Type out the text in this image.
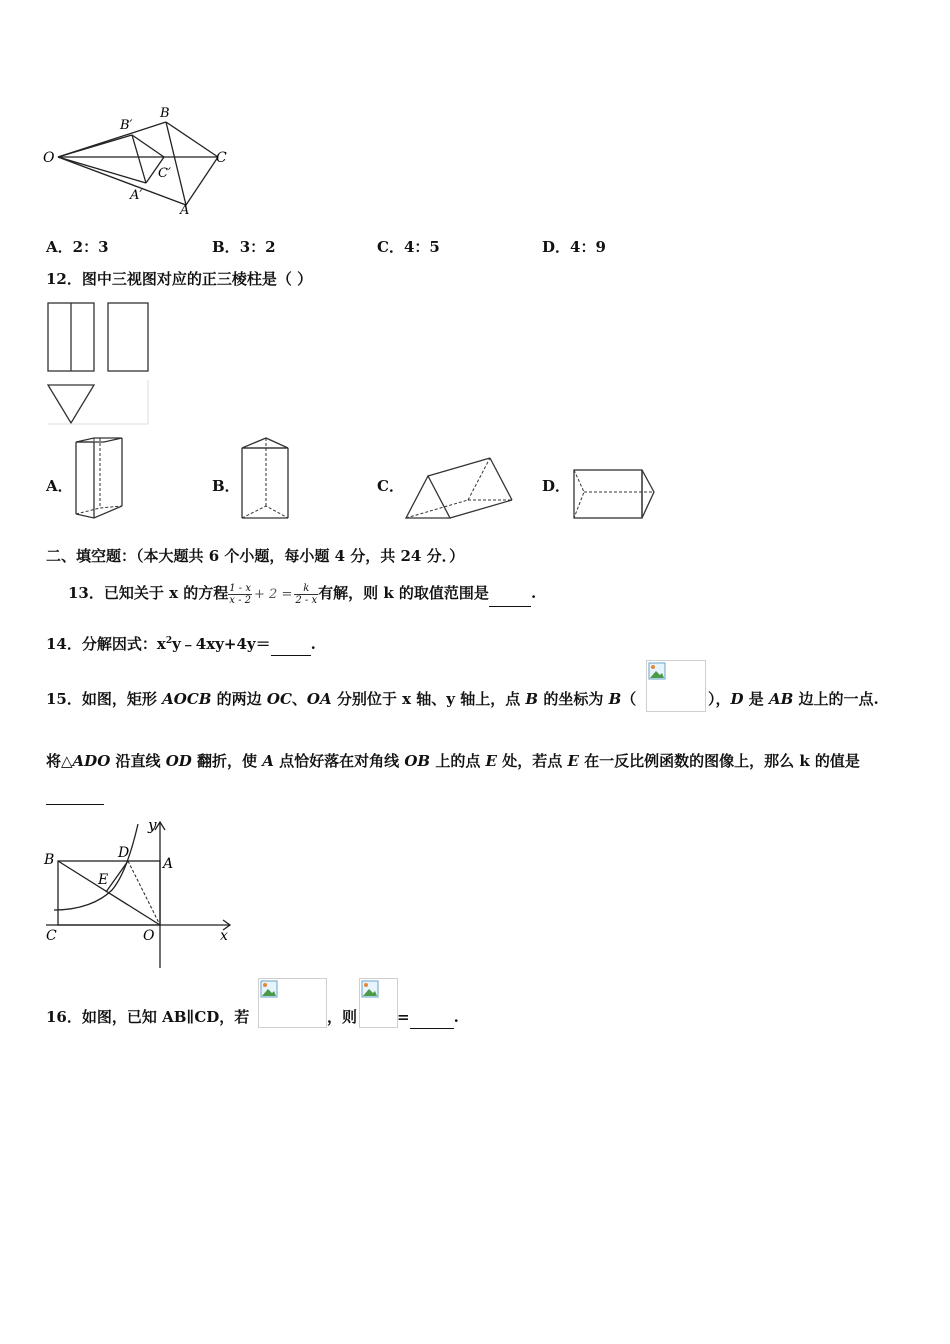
O
B′
B
C
C′
A′
A
A．2：3	B．3：2	C．4：5	D．4：9
12．图中三视图对应的正三棱柱是（ ）
A．	B．	C．	D．
二、填空题：（本大题共 6 个小题，每小题 4 分，共 24 分．）
13．已知关于 x 的方程 $\frac{1 - x}{x - 2} + 2 = \frac{k}{2 - x}$ 有解，则 k 的取值范围是	.
14．分解因式：$x^2y﹣4xy+4y=$	.
15．如图，矩形 AOCB 的两边 OC、OA 分别位于 x 轴、y 轴上，点 B 的坐标为 B（	），D 是 AB 边上的一点.
将△ADO 沿直线 OD 翻折，使 A 点恰好落在对角线 OB 上的点 E 处，若点 E 在一反比例函数的图像上，那么 k 的值是
y
B	D
A
E
C	O	x
16．如图，已知 AB∥CD，若	，则	=	.
